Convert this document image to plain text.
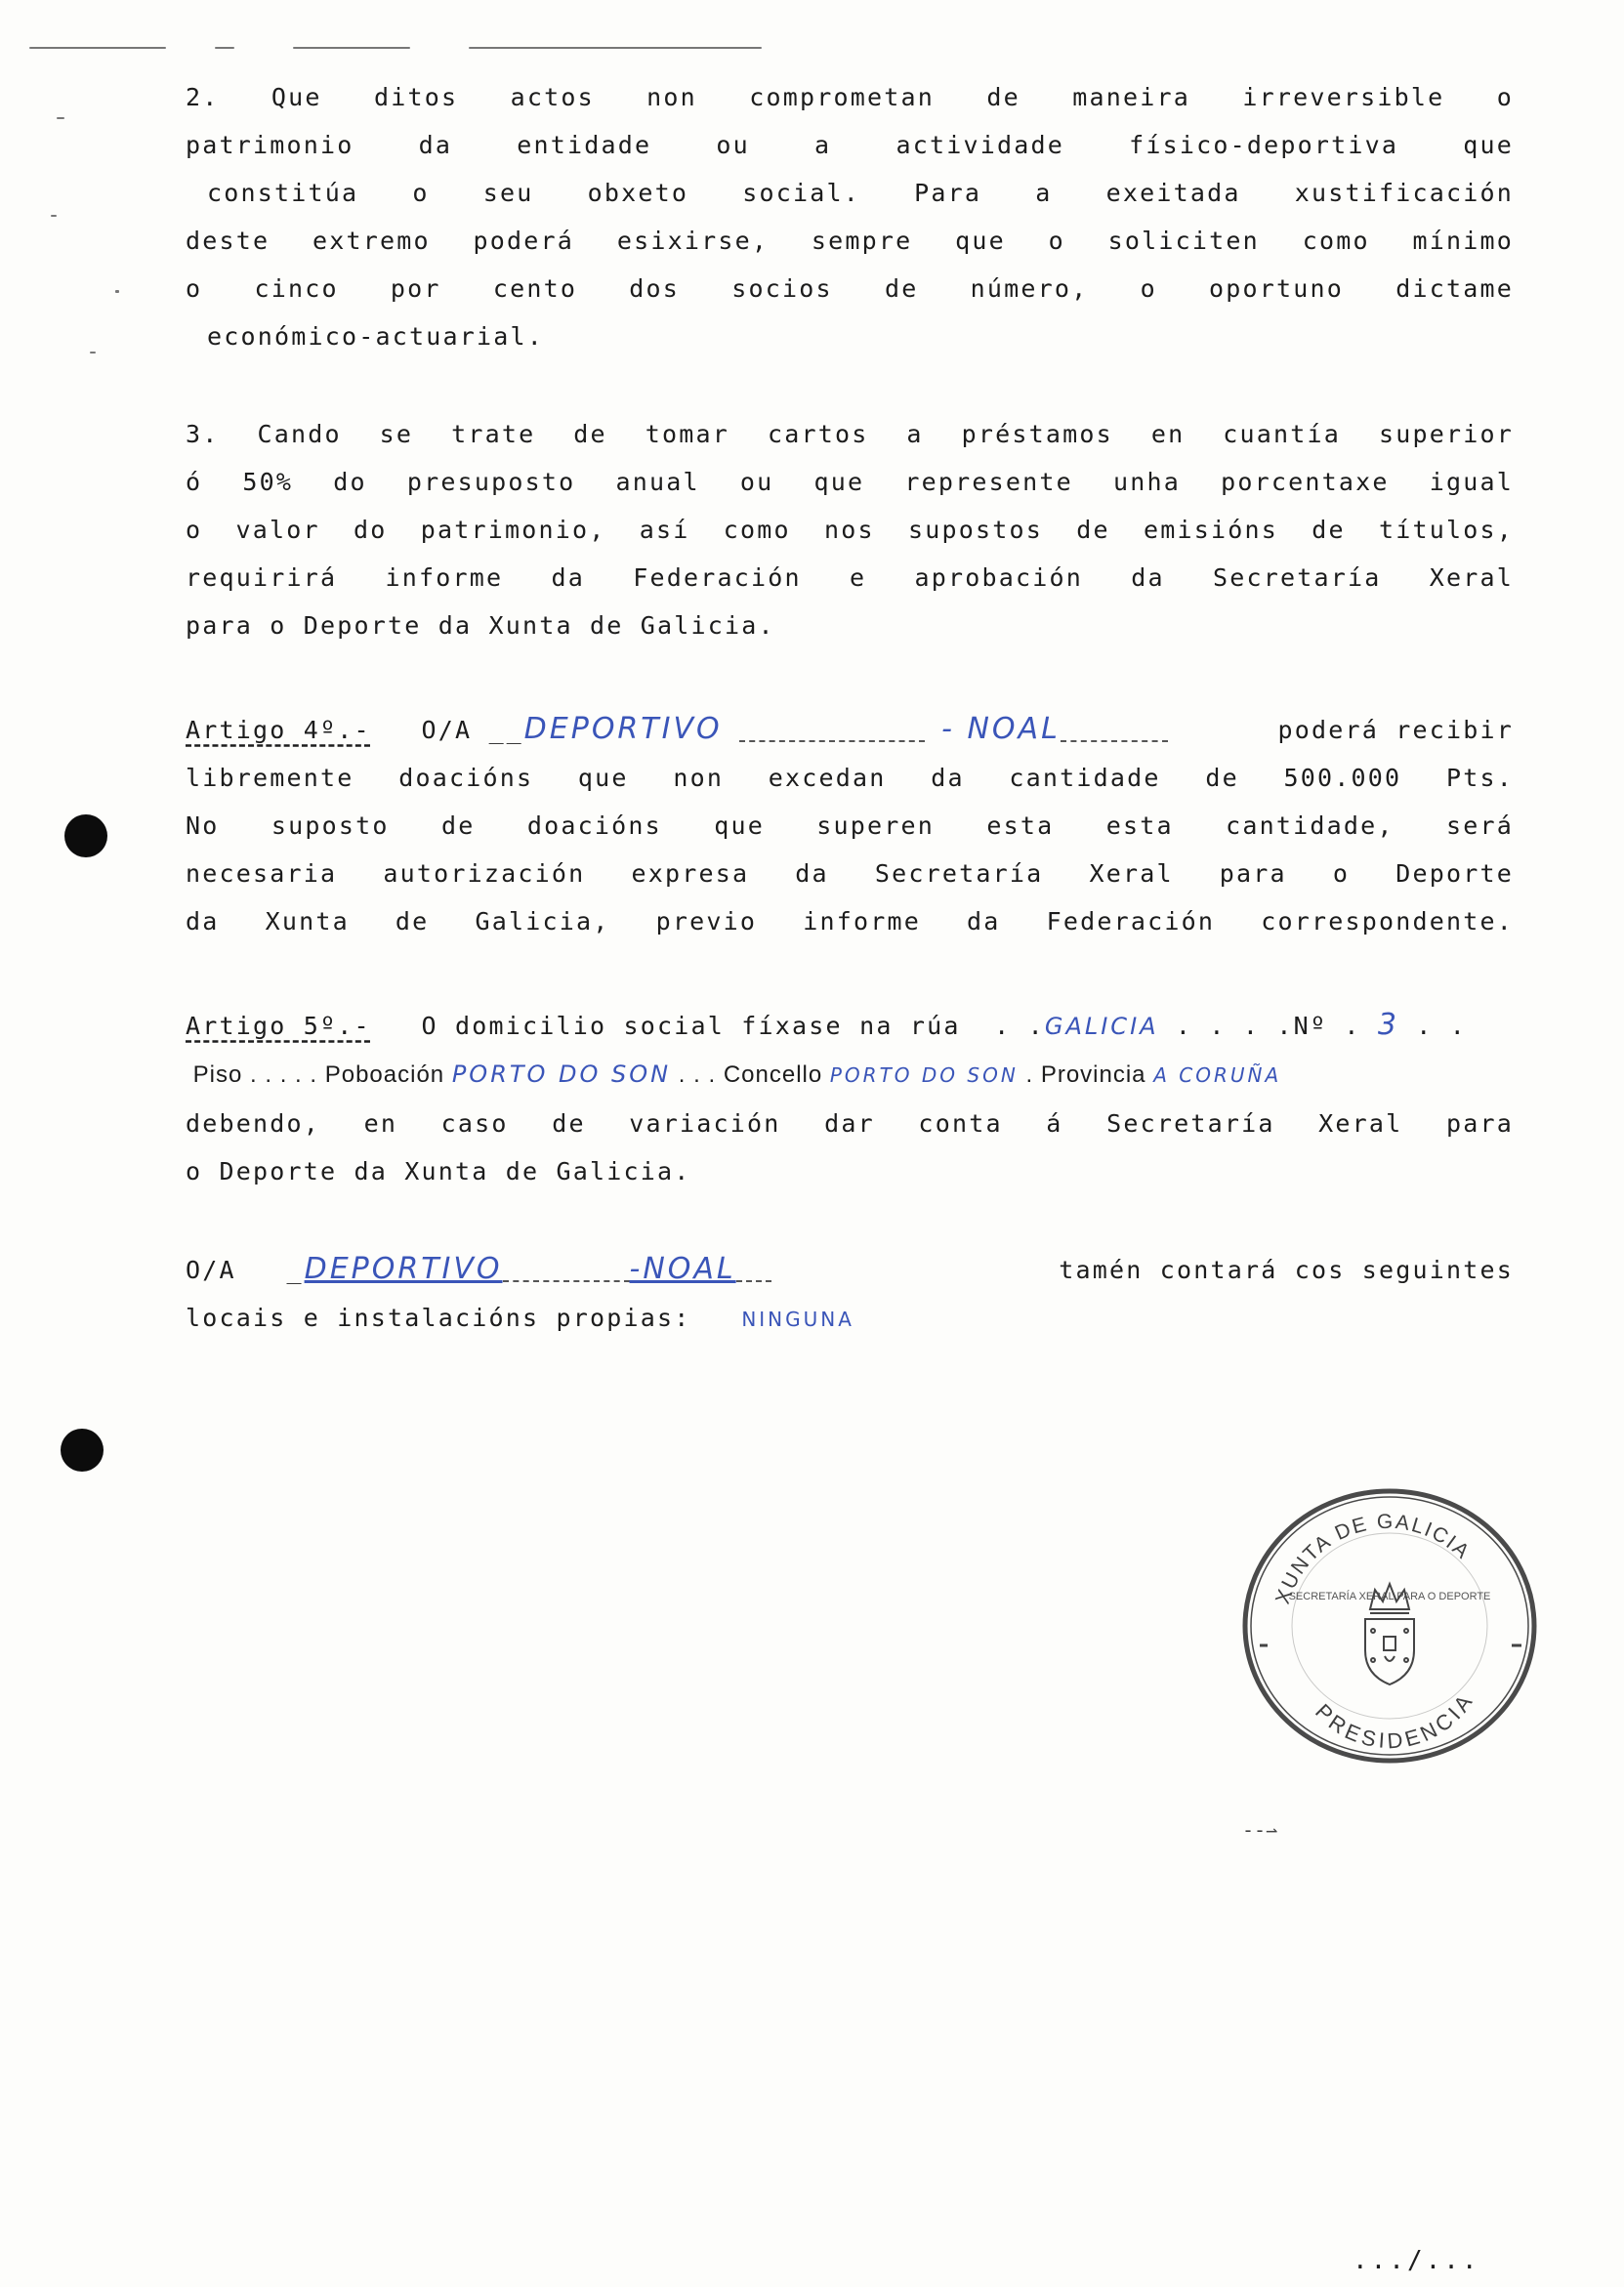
2. Que ditos actos non comprometan de maneira irreversible o
patrimonio da entidade ou a actividade físico-deportiva que
constitúa o seu obxeto social. Para a exeitada xustificación
deste extremo poderá esixirse, sempre que o soliciten como mínimo
o cinco por cento dos socios de número, o oportuno dictame
económico-actuarial.
3. Cando se trate de tomar cartos a préstamos en cuantía superior
ó 50% do presuposto anual ou que represente unha porcentaxe igual
o valor do patrimonio, así como nos supostos de emisións de títulos,
requirirá informe da Federación e aprobación da Secretaría Xeral
para o Deporte da Xunta de Galicia.
Artigo 4º.- O/A __DEPORTIVO	- NOAL	poderá recibir
libremente doacións que non excedan da cantidade de 500.000 Pts.
No suposto de doacións que superen esta esta cantidade, será
necesaria autorización expresa da Secretaría Xeral para o Deporte
da Xunta de Galicia, previo informe da Federación correspondente.
Artigo 5º.- O domicilio social fíxase na rúa  . .GALICIA . . . .Nº . 3 . .
Piso . . . . . Poboación PORTO DO SON . . . Concello PORTO DO SON . Provincia A CORUÑA
debendo, en caso de variación dar conta á Secretaría Xeral para
o Deporte da Xunta de Galicia.
O/A _DEPORTIVO	-NOAL	tamén contará cos seguintes
locais e instalacións propias:	NINGUNA
XUNTA DE GALICIA
PRESIDENCIA
SECRETARÍA XERAL PARA O DEPORTE
‐‐⇀
.../...
